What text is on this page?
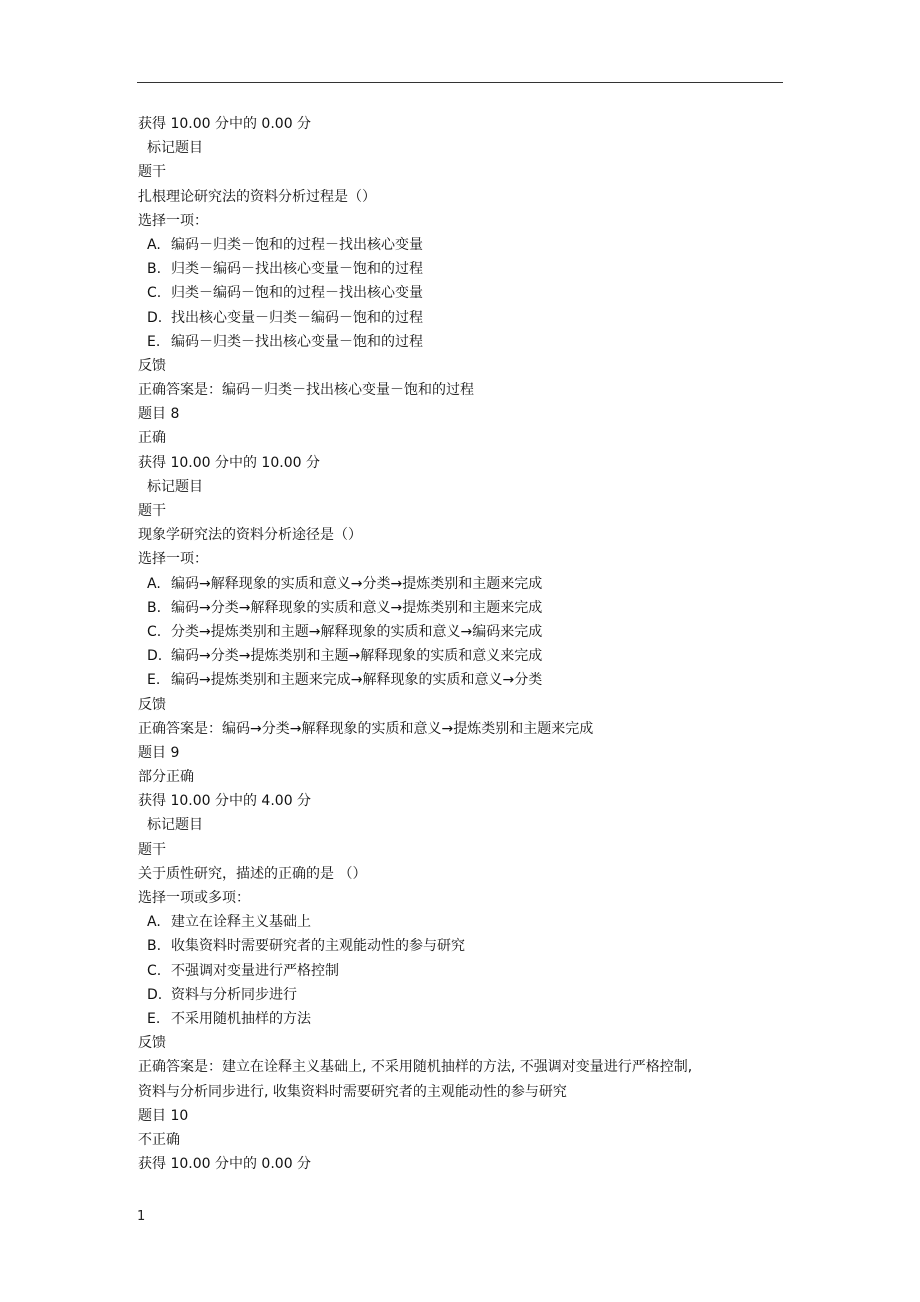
获得 10.00 分中的 0.00 分
标记题目
题干
扎根理论研究法的资料分析过程是（）
选择一项：
A. 编码－归类－饱和的过程－找出核心变量
B. 归类－编码－找出核心变量－饱和的过程
C. 归类－编码－饱和的过程－找出核心变量
D. 找出核心变量－归类－编码－饱和的过程
E. 编码－归类－找出核心变量－饱和的过程
反馈
正确答案是：编码－归类－找出核心变量－饱和的过程
题目 8
正确
获得 10.00 分中的 10.00 分
标记题目
题干
现象学研究法的资料分析途径是（）
选择一项：
A. 编码→解释现象的实质和意义→分类→提炼类别和主题来完成
B. 编码→分类→解释现象的实质和意义→提炼类别和主题来完成
C. 分类→提炼类别和主题→解释现象的实质和意义→编码来完成
D. 编码→分类→提炼类别和主题→解释现象的实质和意义来完成
E. 编码→提炼类别和主题来完成→解释现象的实质和意义→分类
反馈
正确答案是：编码→分类→解释现象的实质和意义→提炼类别和主题来完成
题目 9
部分正确
获得 10.00 分中的 4.00 分
标记题目
题干
关于质性研究，描述的正确的是 （）
选择一项或多项：
A. 建立在诠释主义基础上
B. 收集资料时需要研究者的主观能动性的参与研究
C. 不强调对变量进行严格控制
D. 资料与分析同步进行
E. 不采用随机抽样的方法
反馈
正确答案是：建立在诠释主义基础上, 不采用随机抽样的方法, 不强调对变量进行严格控制,
资料与分析同步进行, 收集资料时需要研究者的主观能动性的参与研究
题目 10
不正确
获得 10.00 分中的 0.00 分
1
